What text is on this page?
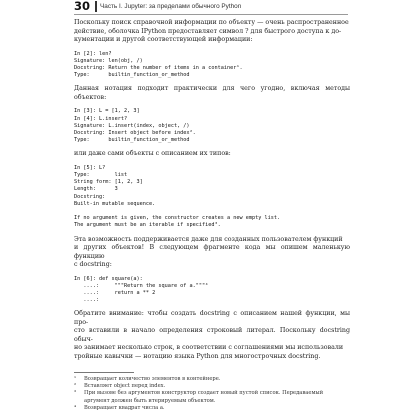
30 Часть I. Jupyter: за пределами обычного Python

Поскольку поиск справочной информации по объекту — очень распространенное
действие, оболочка IPython предоставляет символ ? для быстрого доступа к до-
кументации и другой соответствующей информации:

In [2]: len?
Signature: len(obj, /)
Docstring: Return the number of items in a container¹.
Type:      builtin_function_or_method

Данная нотация подходит практически для чего угодно, включая методы объектов:

In [3]: L = [1, 2, 3]
In [4]: L.insert?
Signature: L.insert(index, object, /)
Docstring: Insert object before index².
Type:      builtin_function_or_method

или даже сами объекты с описанием их типов:

In [5]: L?
Type:        list
String form: [1, 2, 3]
Length:      3
Docstring:
Built-in mutable sequence.

If no argument is given, the constructor creates a new empty list.
The argument must be an iterable if specified³.

Эта возможность поддерживается даже для созданных пользователем функций
и других объектов! В следующем фрагменте кода мы опишем маленькую функцию
с docstring:

In [6]: def square(a):
....:     """Return the square of a."""⁴
....:     return a ** 2
....:

Обратите внимание: чтобы создать docstring с описанием нашей функции, мы про-
сто вставили в начало определения строковый литерал. Поскольку docstring обыч-
но занимает несколько строк, в соответствии с соглашениями мы использовали
тройные кавычки — нотацию языка Python для многострочных docstring.

¹	Возвращает количество элементов в контейнере.

²	Вставляет object перед index.

³	При вызове без аргументов конструктор создает новый пустой список. Передаваемый

аргумент должен быть итерируемым объектом.

⁴	Возвращает квадрат числа a.
